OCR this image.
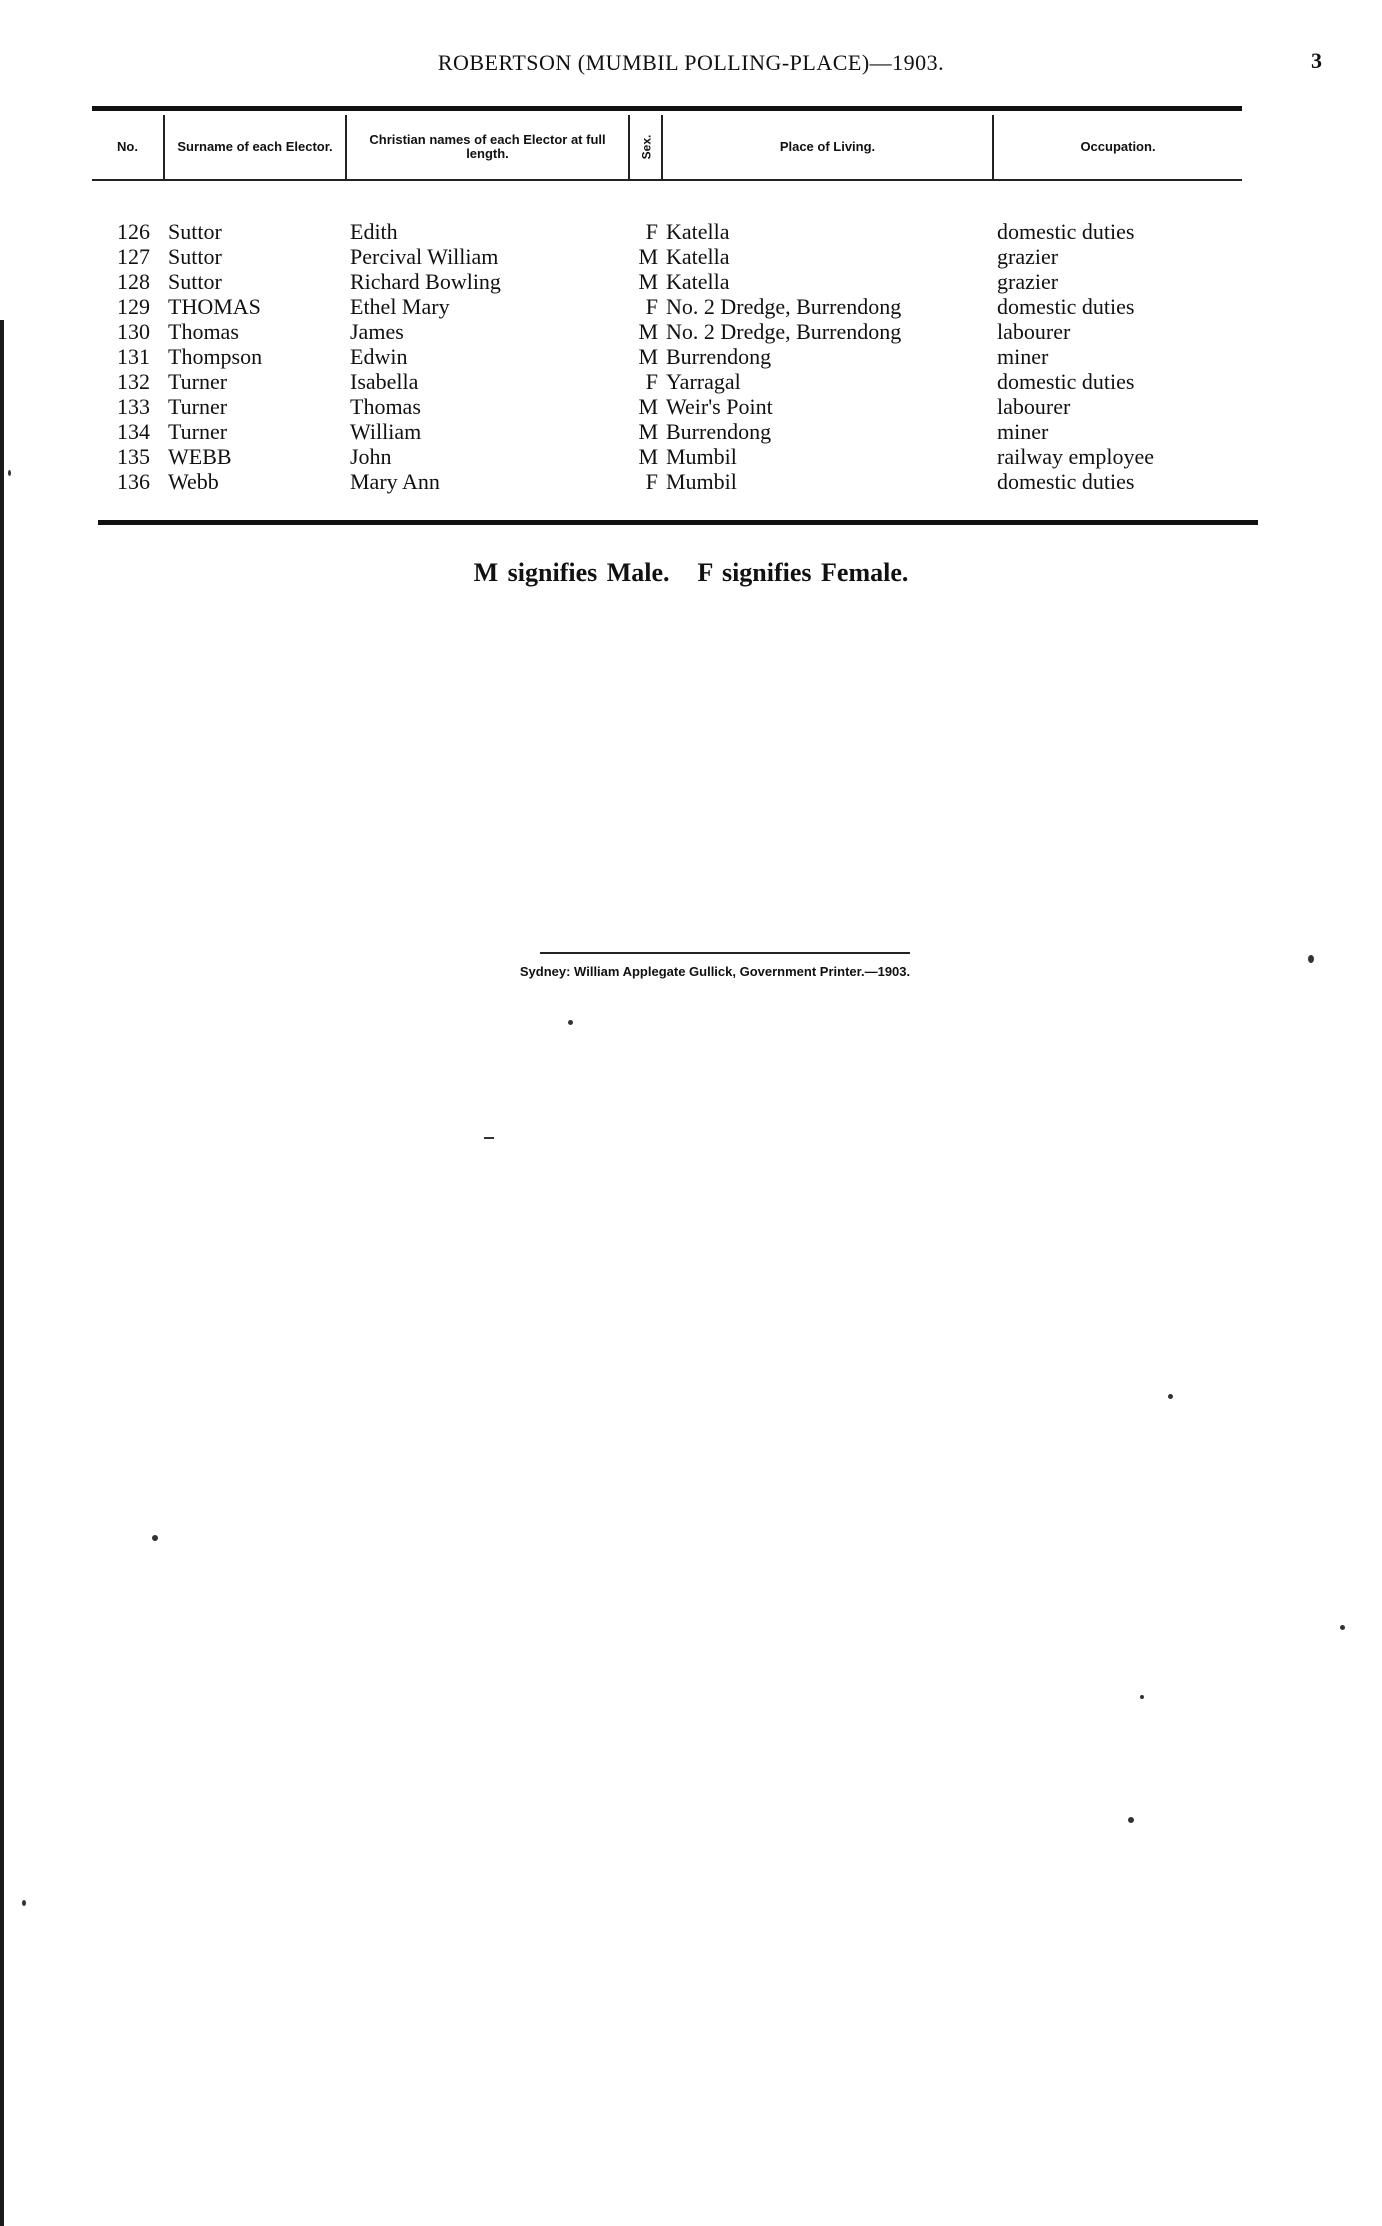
ROBERTSON (MUMBIL POLLING-PLACE)—1903.	3
No.	Surname of each Elector.	Christian names of each Elector at full length.	Sex.	Place of Living.	Occupation.
126	Suttor	Edith	F	Katella	domestic duties
127	Suttor	Percival William	M	Katella	grazier
128	Suttor	Richard Bowling	M	Katella	grazier
129	THOMAS	Ethel Mary	F	No. 2 Dredge, Burrendong	domestic duties
130	Thomas	James	M	No. 2 Dredge, Burrendong	labourer
131	Thompson	Edwin	M	Burrendong	miner
132	Turner	Isabella	F	Yarragal	domestic duties
133	Turner	Thomas	M	Weir's Point	labourer
134	Turner	William	M	Burrendong	miner
135	WEBB	John	M	Mumbil	railway employee
136	Webb	Mary Ann	F	Mumbil	domestic duties
M signifies Male. F signifies Female.
Sydney: William Applegate Gullick, Government Printer.—1903.
